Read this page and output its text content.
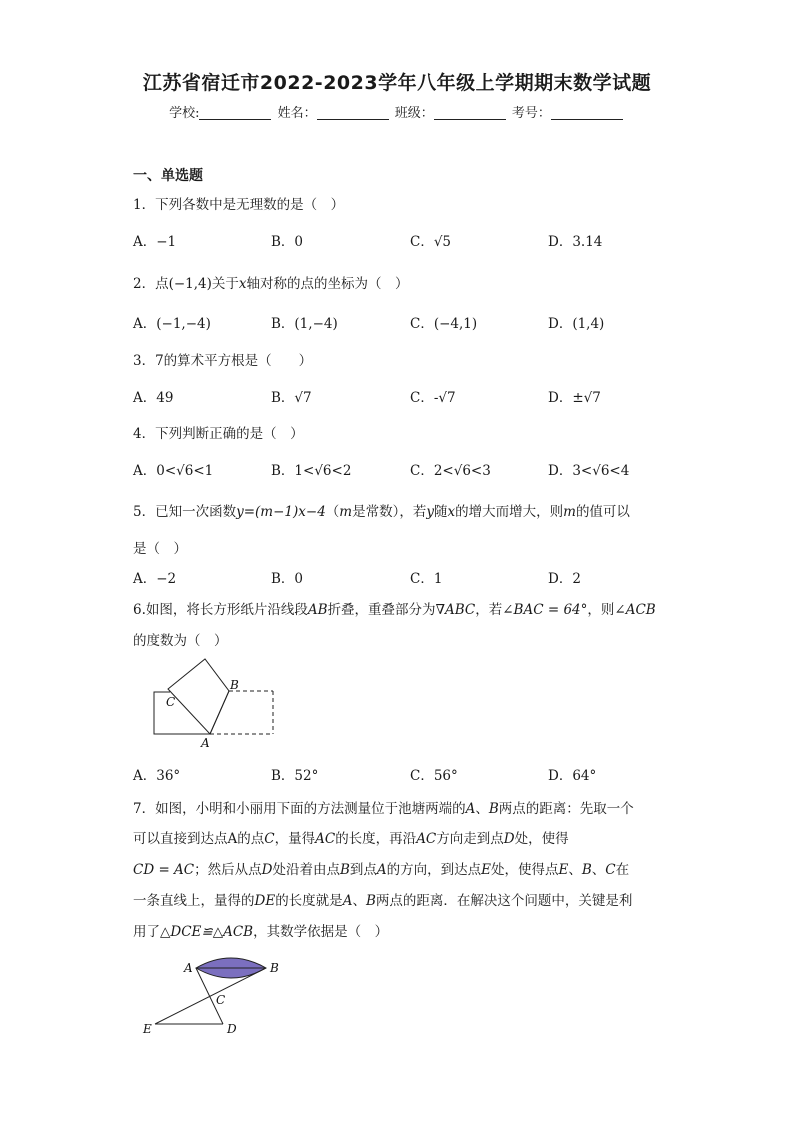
江苏省宿迁市2022-2023学年八年级上学期期末数学试题
学校:	姓名：	班级：	考号：
一、单选题
1．下列各数中是无理数的是（　）
A．−1	B．0	C．√5	D．3.14
2．点(−1,4)关于x轴对称的点的坐标为（　）
A．(−1,−4)	B．(1,−4)	C．(−4,1)	D．(1,4)
3．7的算术平方根是（　　）
A．49	B．√7	C．-√7	D．±√7
4．下列判断正确的是（　）
A．0<√6<1	B．1<√6<2	C．2<√6<3	D．3<√6<4
5．已知一次函数y=(m−1)x−4（m是常数），若y随x的增大而增大，则m的值可以
是（　）
A．−2	B．0	C．1	D．2
6.如图，将长方形纸片沿线段AB折叠，重叠部分为∇ABC，若∠BAC = 64°，则∠ACB
的度数为（　）
C
B
A
A．36°	B．52°	C．56°	D．64°
7．如图，小明和小丽用下面的方法测量位于池塘两端的A、B两点的距离：先取一个
可以直接到达点A的点C，量得AC的长度，再沿AC方向走到点D处，使得
CD = AC；然后从点D处沿着由点B到点A的方向，到达点E处，使得点E、B、C在
一条直线上，量得的DE的长度就是A、B两点的距离．在解决这个问题中，关键是利
用了△DCE≌△ACB，其数学依据是（　）
A	B
C
E	D
